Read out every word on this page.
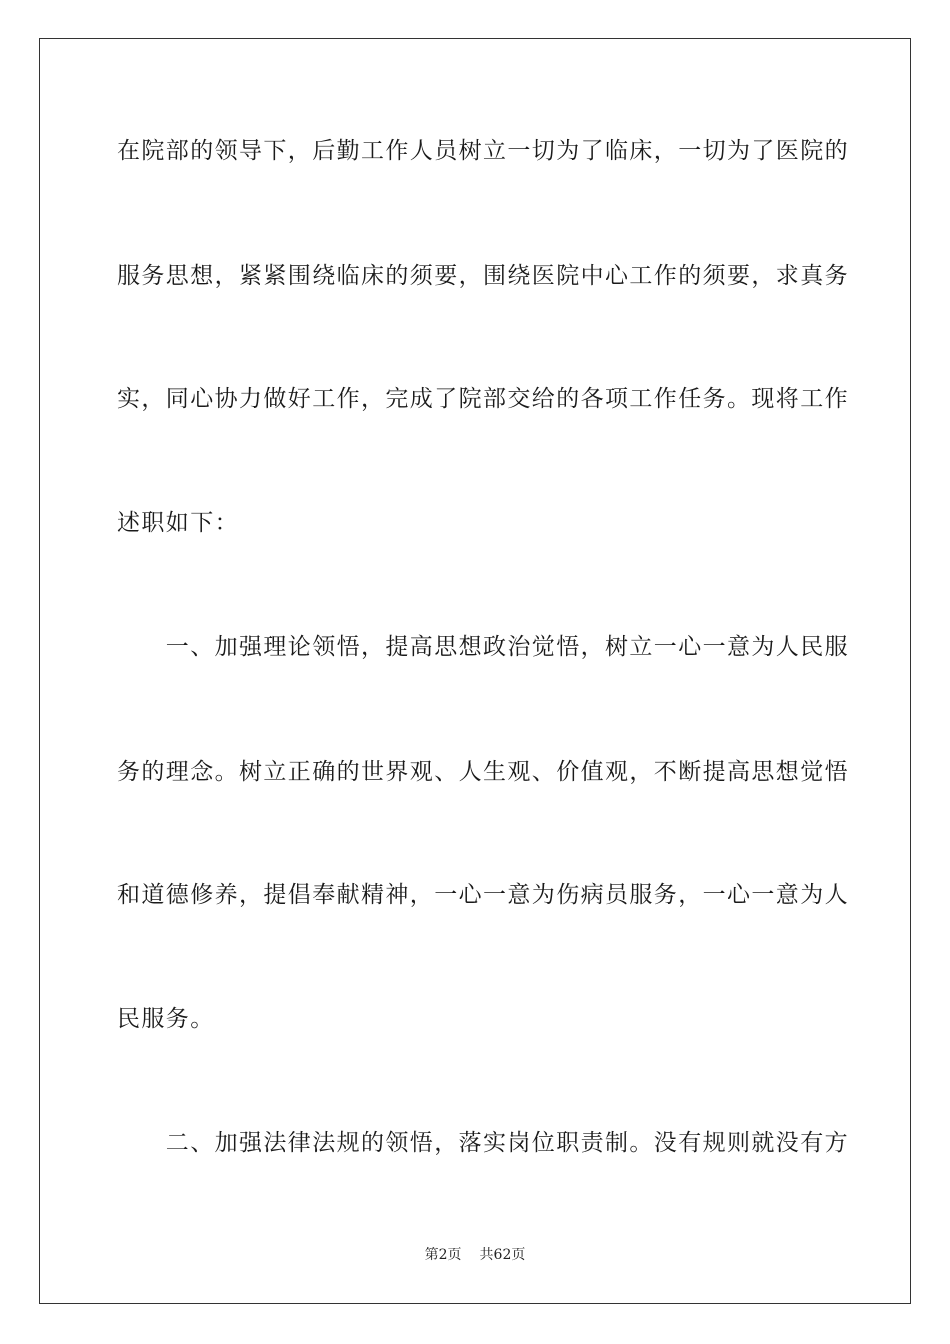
在院部的领导下，后勤工作人员树立一切为了临床，一切为了医院的
服务思想，紧紧围绕临床的须要，围绕医院中心工作的须要，求真务
实，同心协力做好工作，完成了院部交给的各项工作任务。现将工作
述职如下：
　　一、加强理论领悟，提高思想政治觉悟，树立一心一意为人民服
务的理念。树立正确的世界观、人生观、价值观，不断提高思想觉悟
和道德修养，提倡奉献精神，一心一意为伤病员服务，一心一意为人
民服务。
　　二、加强法律法规的领悟，落实岗位职责制。没有规则就没有方
第2页 共62页
